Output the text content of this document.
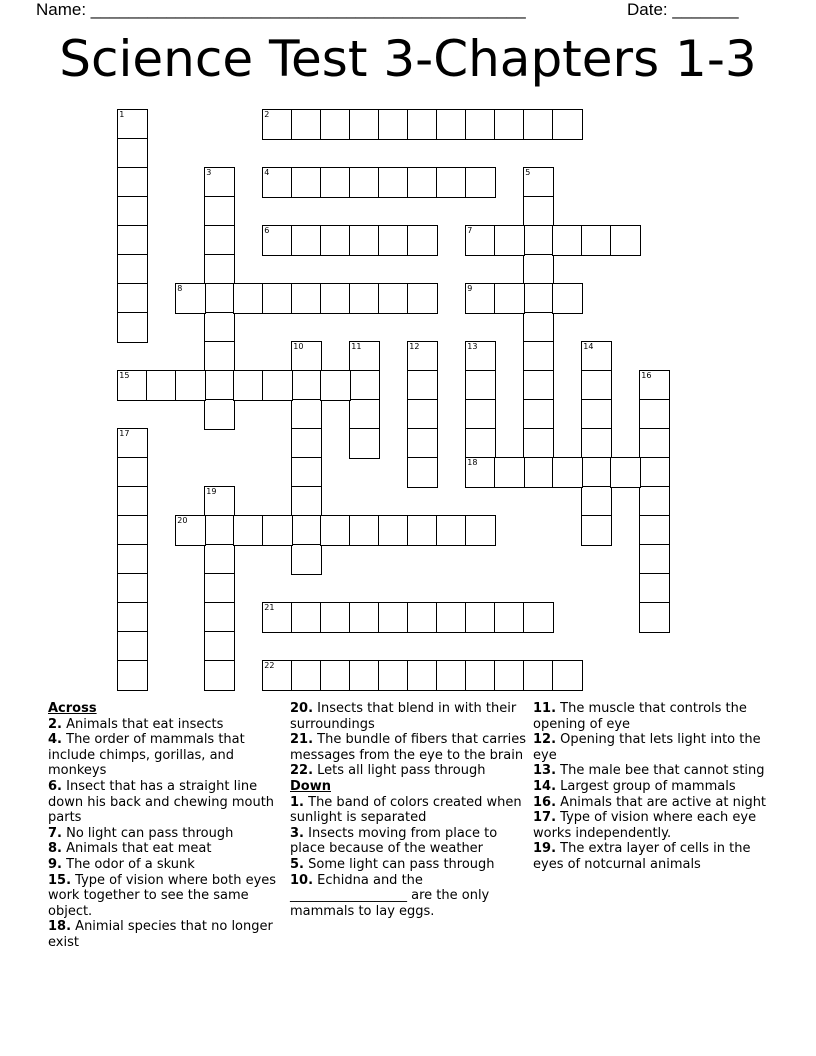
Name: ______________________________________________	Date: _______
Science Test 3-Chapters 1-3
1	2
3	4	5
6	7
8	9
10	11	12	13
18
14
15	16
17
19
20
21
22
Across
2. Animals that eat insects
4. The order of mammals that include chimps, gorillas, and monkeys
6. Insect that has a straight line down his back and chewing mouth parts
7. No light can pass through
8. Animals that eat meat
9. The odor of a skunk
15. Type of vision where both eyes work together to see the same object.
18. Animial species that no longer exist
20. Insects that blend in with their surroundings
21. The bundle of fibers that carries messages from the eye to the brain
22. Lets all light pass through
Down
1. The band of colors created when sunlight is separated
3. Insects moving from place to place because of the weather
5. Some light can pass through
10. Echidna and the __________________ are the only mammals to lay eggs.
11. The muscle that controls the opening of eye
12. Opening that lets light into the eye
13. The male bee that cannot sting
14. Largest group of mammals
16. Animals that are active at night
17. Type of vision where each eye works independently.
19. The extra layer of cells in the eyes of notcurnal animals
